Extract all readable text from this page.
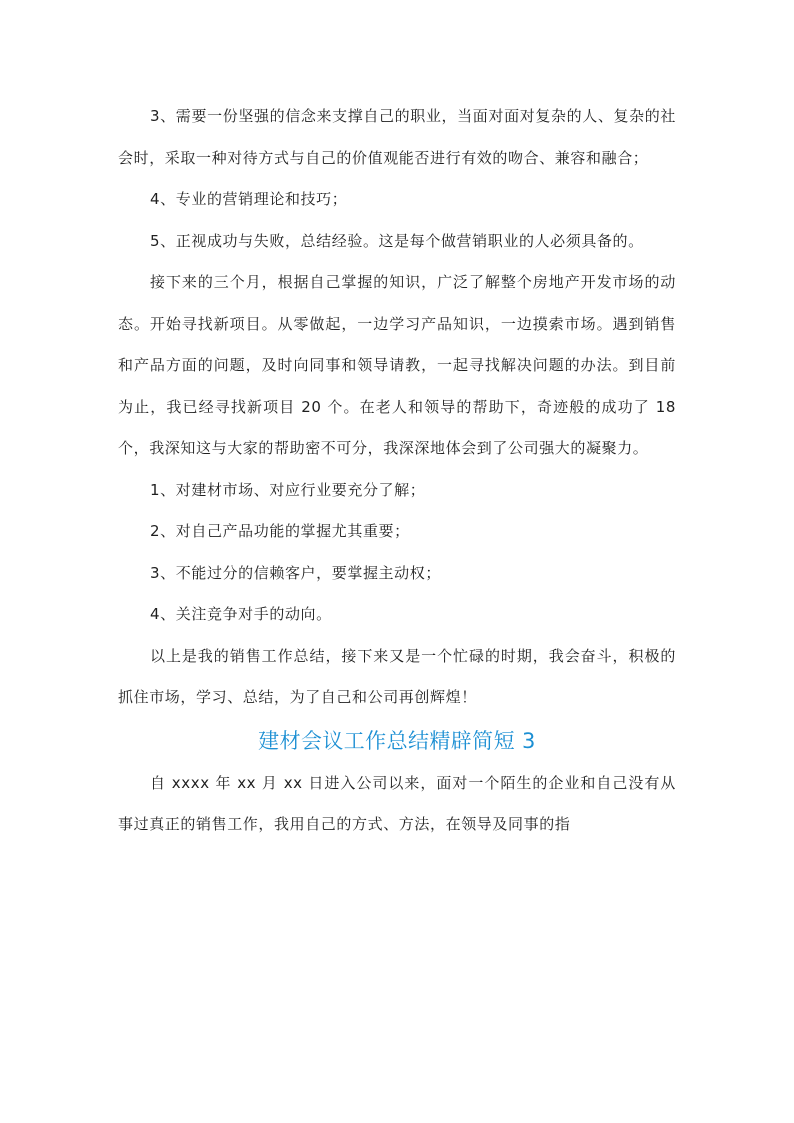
3、需要一份坚强的信念来支撑自己的职业，当面对面对复杂的人、复杂的社会时，采取一种对待方式与自己的价值观能否进行有效的吻合、兼容和融合；

4、专业的营销理论和技巧；

5、正视成功与失败，总结经验。这是每个做营销职业的人必须具备的。

接下来的三个月，根据自己掌握的知识，广泛了解整个房地产开发市场的动态。开始寻找新项目。从零做起，一边学习产品知识，一边摸索市场。遇到销售和产品方面的问题，及时向同事和领导请教，一起寻找解决问题的办法。到目前为止，我已经寻找新项目 20 个。在老人和领导的帮助下，奇迹般的成功了 18 个，我深知这与大家的帮助密不可分，我深深地体会到了公司强大的凝聚力。

1、对建材市场、对应行业要充分了解；

2、对自己产品功能的掌握尤其重要；

3、不能过分的信赖客户，要掌握主动权；

4、关注竞争对手的动向。

以上是我的销售工作总结，接下来又是一个忙碌的时期，我会奋斗，积极的抓住市场，学习、总结，为了自己和公司再创辉煌！

建材会议工作总结精辟简短 3

自 xxxx 年 xx 月 xx 日进入公司以来，面对一个陌生的企业和自己没有从事过真正的销售工作，我用自己的方式、方法，在领导及同事的指
